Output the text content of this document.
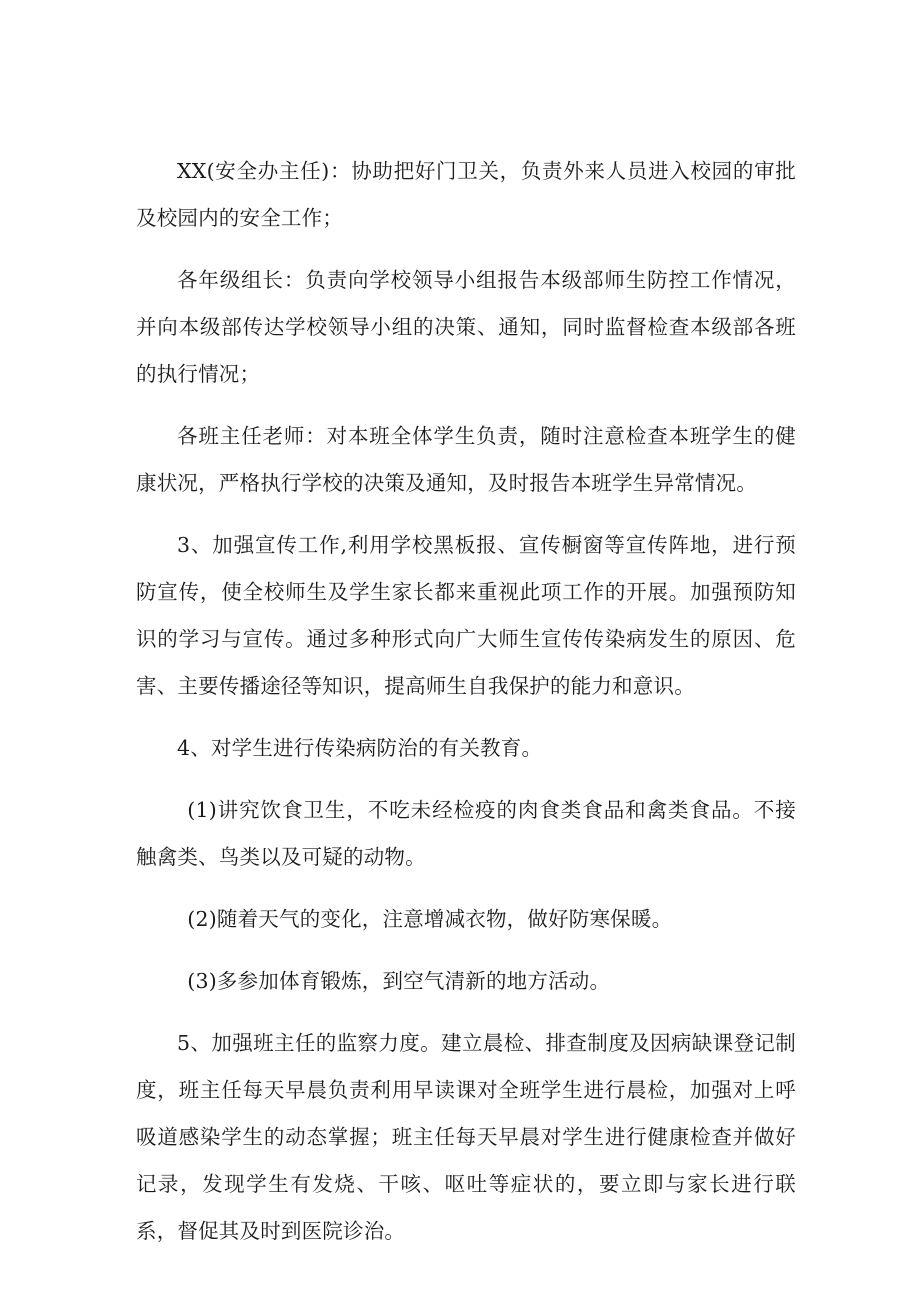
XX(安全办主任)：协助把好门卫关，负责外来人员进入校园的审批及校园内的安全工作；

各年级组长：负责向学校领导小组报告本级部师生防控工作情况，并向本级部传达学校领导小组的决策、通知，同时监督检查本级部各班的执行情况；

各班主任老师：对本班全体学生负责，随时注意检查本班学生的健康状况，严格执行学校的决策及通知，及时报告本班学生异常情况。

3、加强宣传工作,利用学校黑板报、宣传橱窗等宣传阵地，进行预防宣传，使全校师生及学生家长都来重视此项工作的开展。加强预防知识的学习与宣传。通过多种形式向广大师生宣传传染病发生的原因、危害、主要传播途径等知识，提高师生自我保护的能力和意识。

4、对学生进行传染病防治的有关教育。

(1)讲究饮食卫生，不吃未经检疫的肉食类食品和禽类食品。不接触禽类、鸟类以及可疑的动物。

(2)随着天气的变化，注意增减衣物，做好防寒保暖。

(3)多参加体育锻炼，到空气清新的地方活动。

5、加强班主任的监察力度。建立晨检、排查制度及因病缺课登记制度，班主任每天早晨负责利用早读课对全班学生进行晨检，加强对上呼吸道感染学生的动态掌握；班主任每天早晨对学生进行健康检查并做好记录，发现学生有发烧、干咳、呕吐等症状的，要立即与家长进行联系，督促其及时到医院诊治。
